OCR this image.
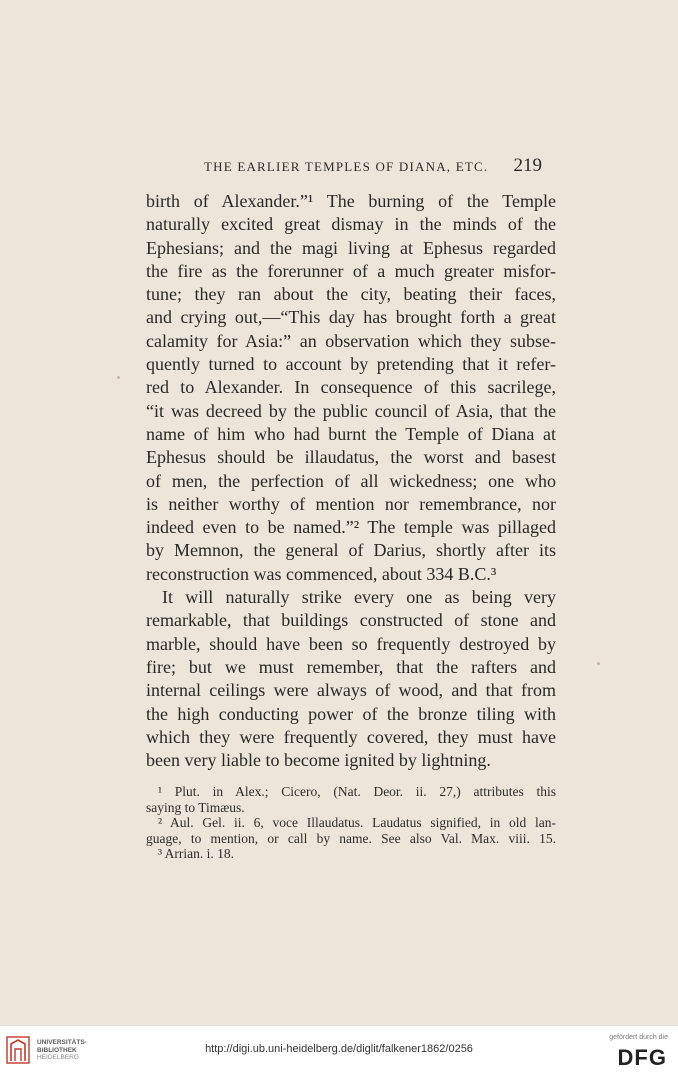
THE EARLIER TEMPLES OF DIANA, ETC. 219
birth of Alexander.”¹ The burning of the Temple
naturally excited great dismay in the minds of the
Ephesians; and the magi living at Ephesus regarded
the fire as the forerunner of a much greater misfor-
tune; they ran about the city, beating their faces,
and crying out,—“This day has brought forth a great
calamity for Asia:” an observation which they subse-
quently turned to account by pretending that it refer-
red to Alexander. In consequence of this sacrilege,
“it was decreed by the public council of Asia, that the
name of him who had burnt the Temple of Diana at
Ephesus should be illaudatus, the worst and basest
of men, the perfection of all wickedness; one who
is neither worthy of mention nor remembrance, nor
indeed even to be named.”² The temple was pillaged
by Memnon, the general of Darius, shortly after its
reconstruction was commenced, about 334 B.C.³
It will naturally strike every one as being very
remarkable, that buildings constructed of stone and
marble, should have been so frequently destroyed by
fire; but we must remember, that the rafters and
internal ceilings were always of wood, and that from
the high conducting power of the bronze tiling with
which they were frequently covered, they must have
been very liable to become ignited by lightning.
¹ Plut. in Alex.; Cicero, (Nat. Deor. ii. 27,) attributes this
saying to Timæus.
² Aul. Gel. ii. 6, voce Illaudatus. Laudatus signified, in old lan-
guage, to mention, or call by name. See also Val. Max. viii. 15.
³ Arrian. i. 18.
UNIVERSITÄTS-
BIBLIOTHEK
HEIDELBERG
http://digi.ub.uni-heidelberg.de/diglit/falkener1862/0256
gefördert durch die
DFG
